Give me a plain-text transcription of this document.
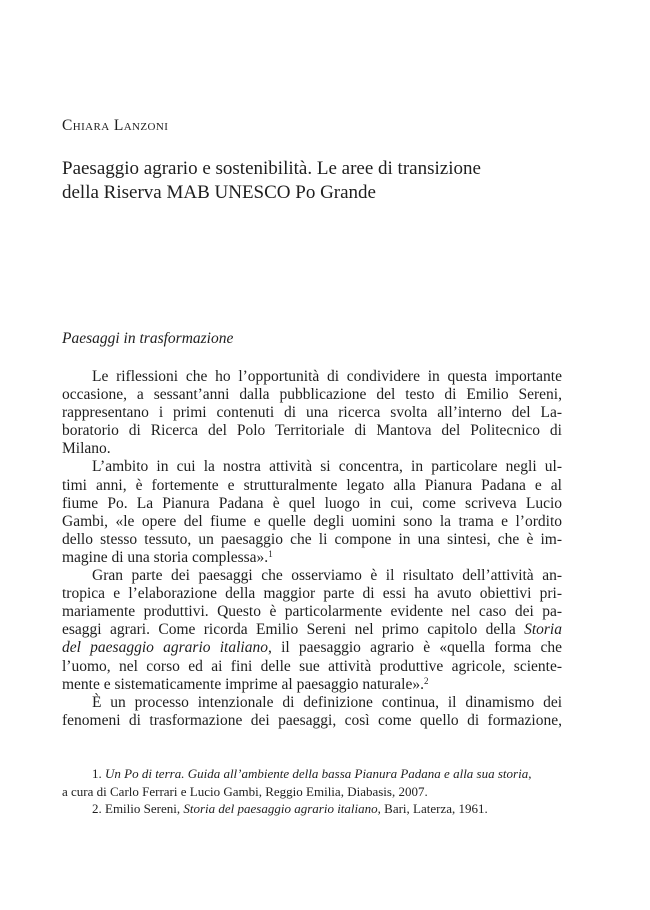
Chiara Lanzoni
Paesaggio agrario e sostenibilità. Le aree di transizione
della Riserva MAB UNESCO Po Grande
Paesaggi in trasformazione
Le riflessioni che ho l’opportunità di condividere in questa importante
occasione, a sessant’anni dalla pubblicazione del testo di Emilio Sereni,
rappresentano i primi contenuti di una ricerca svolta all’interno del La-
boratorio di Ricerca del Polo Territoriale di Mantova del Politecnico di
Milano.
L’ambito in cui la nostra attività si concentra, in particolare negli ul-
timi anni, è fortemente e strutturalmente legato alla Pianura Padana e al
fiume Po. La Pianura Padana è quel luogo in cui, come scriveva Lucio
Gambi, «le opere del fiume e quelle degli uomini sono la trama e l’ordito
dello stesso tessuto, un paesaggio che li compone in una sintesi, che è im-
magine di una storia complessa».$^1$
Gran parte dei paesaggi che osserviamo è il risultato dell’attività an-
tropica e l’elaborazione della maggior parte di essi ha avuto obiettivi pri-
mariamente produttivi. Questo è particolarmente evidente nel caso dei pa-
esaggi agrari. Come ricorda Emilio Sereni nel primo capitolo della Storia
del paesaggio agrario italiano, il paesaggio agrario è «quella forma che
l’uomo, nel corso ed ai fini delle sue attività produttive agricole, sciente-
mente e sistematicamente imprime al paesaggio naturale».$^2$
È un processo intenzionale di definizione continua, il dinamismo dei
fenomeni di trasformazione dei paesaggi, così come quello di formazione,
1. Un Po di terra. Guida all’ambiente della bassa Pianura Padana e alla sua storia,
a cura di Carlo Ferrari e Lucio Gambi, Reggio Emilia, Diabasis, 2007.
2. Emilio Sereni, Storia del paesaggio agrario italiano, Bari, Laterza, 1961.
